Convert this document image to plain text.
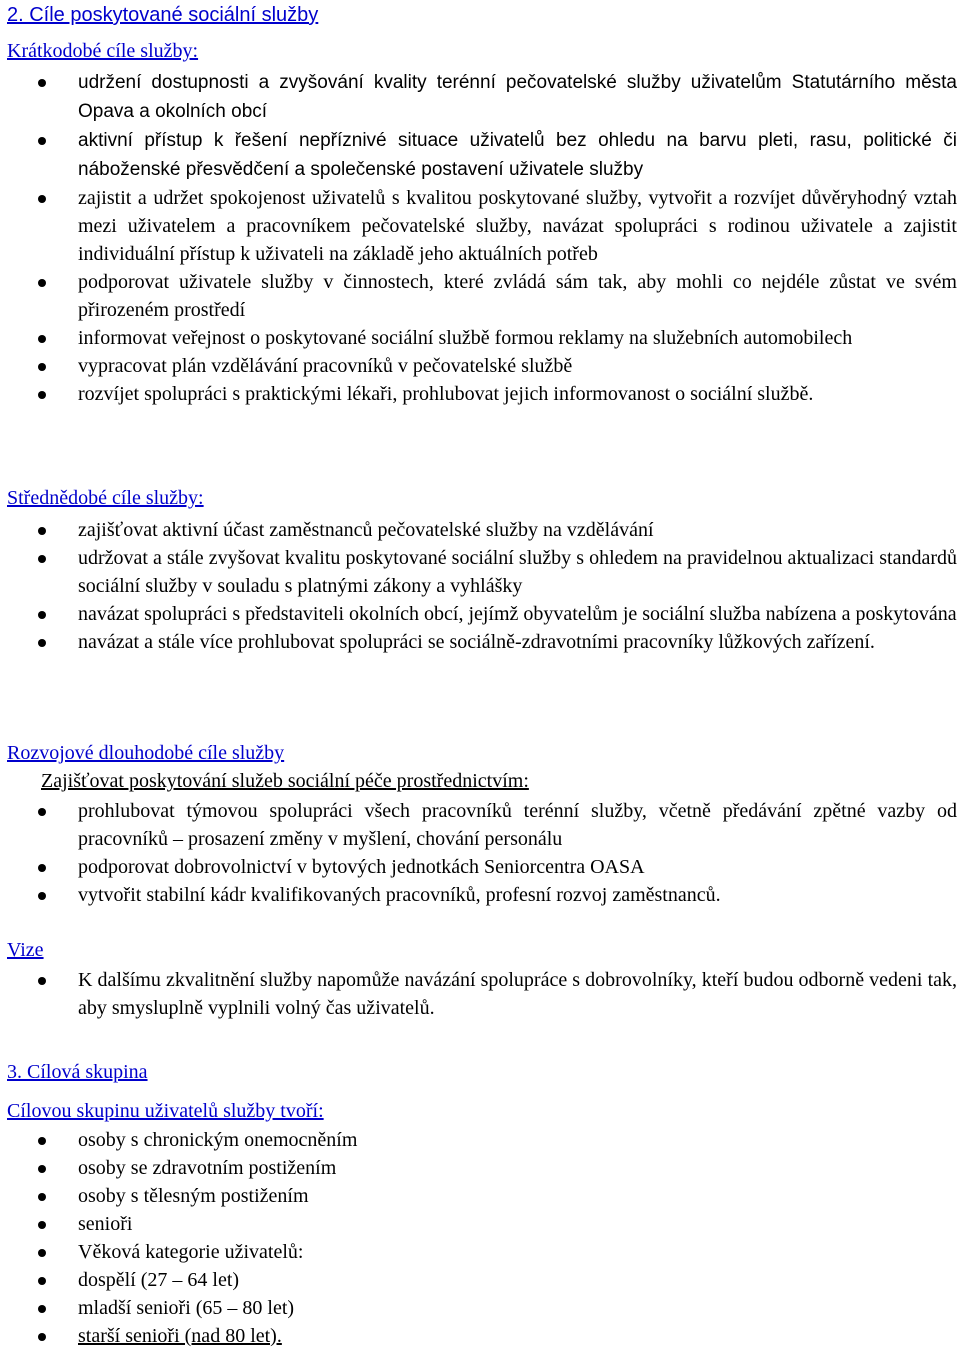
2. Cíle poskytované sociální služby
Krátkodobé cíle služby:
udržení dostupnosti a zvyšování kvality terénní pečovatelské služby uživatelům Statutárního města Opava a okolních obcí
aktivní přístup k řešení nepříznivé situace uživatelů bez ohledu na barvu pleti, rasu, politické či náboženské přesvědčení a společenské postavení uživatele služby
zajistit a udržet spokojenost uživatelů s kvalitou poskytované služby, vytvořit a rozvíjet důvěryhodný vztah mezi uživatelem a pracovníkem pečovatelské služby, navázat spolupráci s rodinou uživatele a zajistit individuální přístup k uživateli na základě jeho aktuálních potřeb
podporovat uživatele služby v činnostech, které zvládá sám tak, aby mohli co nejdéle zůstat ve svém přirozeném prostředí
informovat veřejnost o poskytované sociální službě formou reklamy na služebních automobilech
vypracovat plán vzdělávání pracovníků v pečovatelské službě
rozvíjet spolupráci s praktickými lékaři, prohlubovat jejich informovanost o sociální službě.
Střednědobé cíle služby:
zajišťovat aktivní účast zaměstnanců pečovatelské služby na vzdělávání
udržovat a stále zvyšovat kvalitu poskytované sociální služby s ohledem na pravidelnou aktualizaci standardů sociální služby v souladu s platnými zákony a vyhlášky
navázat spolupráci s představiteli okolních obcí, jejímž obyvatelům je sociální služba nabízena a poskytována
navázat a stále více prohlubovat spolupráci se sociálně-zdravotními pracovníky lůžkových zařízení.
Rozvojové dlouhodobé cíle služby
Zajišťovat poskytování služeb sociální péče prostřednictvím:
prohlubovat týmovou spolupráci všech pracovníků terénní služby, včetně předávání zpětné vazby od pracovníků – prosazení změny v myšlení, chování personálu
podporovat dobrovolnictví v bytových jednotkách Seniorcentra OASA
vytvořit stabilní kádr kvalifikovaných pracovníků, profesní rozvoj zaměstnanců.
Vize
K dalšímu zkvalitnění služby napomůže navázání spolupráce s dobrovolníky, kteří budou odborně vedeni tak, aby smysluplně vyplnili volný čas uživatelů.
3. Cílová skupina
Cílovou skupinu uživatelů služby tvoří:
osoby s chronickým onemocněním
osoby se zdravotním postižením
osoby s tělesným postižením
senioři
Věková kategorie uživatelů:
dospělí (27 – 64 let)
mladší senioři (65 – 80 let)
starší senioři (nad 80 let).
